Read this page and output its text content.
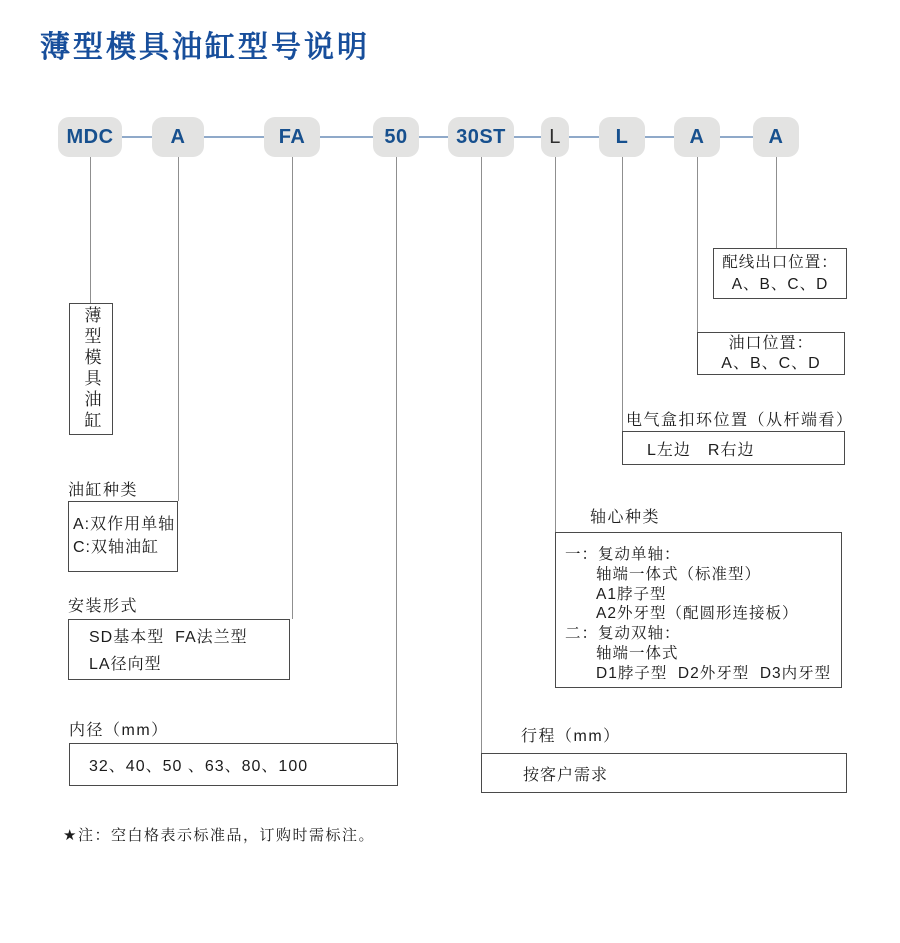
薄型模具油缸型号说明
MDC	A	FA	50	30ST	L	L	A	A
薄型模具油缸
油缸种类
A:双作用单轴
C:双轴油缸
安装形式
SD基本型  FA法兰型
LA径向型
内径（mm）
32、40、50 、63、80、100
行程（mm）
按客户需求
轴心种类
一：复动单轴：
轴端一体式（标准型）
A1脖子型
A2外牙型（配圆形连接板）
二：复动双轴：
轴端一体式
D1脖子型  D2外牙型  D3内牙型
电气盒扣环位置（从杆端看）
L左边　R右边
油口位置：
A、B、C、D
配线出口位置：
A、B、C、D
★注：空白格表示标准品，订购时需标注。
